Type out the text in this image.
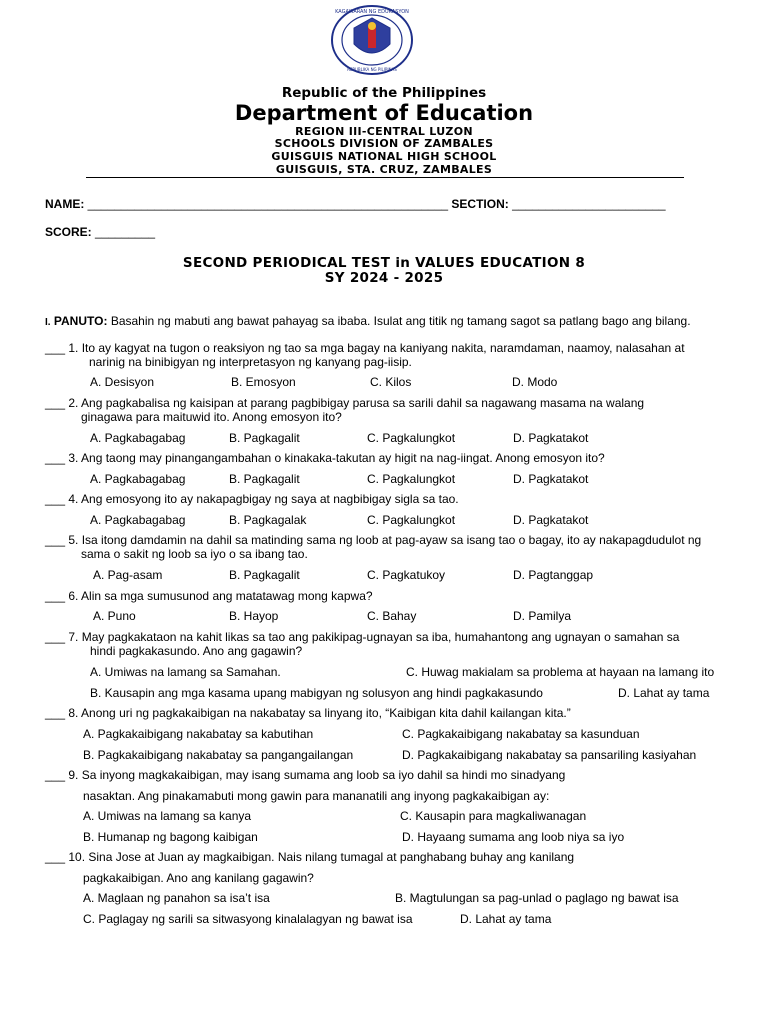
KAGAWARAN NG EDUKASYON
REPUBLIKA NG PILIPINAS
Republic of the Philippines
Department of Education
REGION III-CENTRAL LUZON
SCHOOLS DIVISION OF ZAMBALES
GUISGUIS NATIONAL HIGH SCHOOL
GUISGUIS, STA. CRUZ, ZAMBALES
NAME: ______________________________________________________ SECTION: _______________________
SCORE: _________
SECOND PERIODICAL TEST in VALUES EDUCATION 8
SY 2024 - 2025
I. PANUTO: Basahin ng mabuti ang bawat pahayag sa ibaba. Isulat ang titik ng tamang sagot sa patlang bago ang bilang.
___ 1. Ito ay kagyat na tugon o reaksiyon ng tao sa mga bagay na kaniyang nakita, naramdaman, naamoy, nalasahan at
narinig na binibigyan ng interpretasyon ng kanyang pag-iisip.
A. Desisyon	B. Emosyon	C. Kilos	D. Modo
___ 2. Ang pagkabalisa ng kaisipan at parang pagbibigay parusa sa sarili dahil sa nagawang masama na walang
ginagawa para maituwid ito. Anong emosyon ito?
A. Pagkabagabag	B. Pagkagalit	C. Pagkalungkot	D. Pagkatakot
___ 3. Ang taong may pinangangambahan o kinakaka-takutan ay higit na nag-iingat. Anong emosyon ito?
A. Pagkabagabag	B. Pagkagalit	C. Pagkalungkot	D. Pagkatakot
___ 4. Ang emosyong ito ay nakapagbigay ng saya at nagbibigay sigla sa tao.
A. Pagkabagabag	B. Pagkagalak	C. Pagkalungkot	D. Pagkatakot
___ 5. Isa itong damdamin na dahil sa matinding sama ng loob at pag-ayaw sa isang tao o bagay, ito ay nakapagdudulot ng
sama o sakit ng loob sa iyo o sa ibang tao.
A. Pag-asam	B. Pagkagalit	C. Pagkatukoy	D. Pagtanggap
___ 6. Alin sa mga sumusunod ang matatawag mong kapwa?
A. Puno	B. Hayop	C. Bahay	D. Pamilya
___ 7. May pagkakataon na kahit likas sa tao ang pakikipag-ugnayan sa iba, humahantong ang ugnayan o samahan sa
hindi pagkakasundo. Ano ang gagawin?
A. Umiwas na lamang sa Samahan.	C. Huwag makialam sa problema at hayaan na lamang ito
B. Kausapin ang mga kasama upang mabigyan ng solusyon ang hindi pagkakasundo	D. Lahat ay tama
___ 8. Anong uri ng pagkakaibigan na nakabatay sa linyang ito, “Kaibigan kita dahil kailangan kita.”
A. Pagkakaibigang nakabatay sa kabutihan	C. Pagkakaibigang nakabatay sa kasunduan
B. Pagkakaibigang nakabatay sa pangangailangan	D. Pagkakaibigang nakabatay sa pansariling kasiyahan
___ 9. Sa inyong magkakaibigan, may isang sumama ang loob sa iyo dahil sa hindi mo sinadyang
nasaktan. Ang pinakamabuti mong gawin para mananatili ang inyong pagkakaibigan ay:
A. Umiwas na lamang sa kanya	C. Kausapin para magkaliwanagan
B. Humanap ng bagong kaibigan	D. Hayaang sumama ang loob niya sa iyo
___ 10. Sina Jose at Juan ay magkaibigan. Nais nilang tumagal at panghabang buhay ang kanilang
pagkakaibigan. Ano ang kanilang gagawin?
A. Maglaan ng panahon sa isa’t isa	B. Magtulungan sa pag-unlad o paglago ng bawat isa
C. Paglagay ng sarili sa sitwasyong kinalalagyan ng bawat isa	D. Lahat ay tama
